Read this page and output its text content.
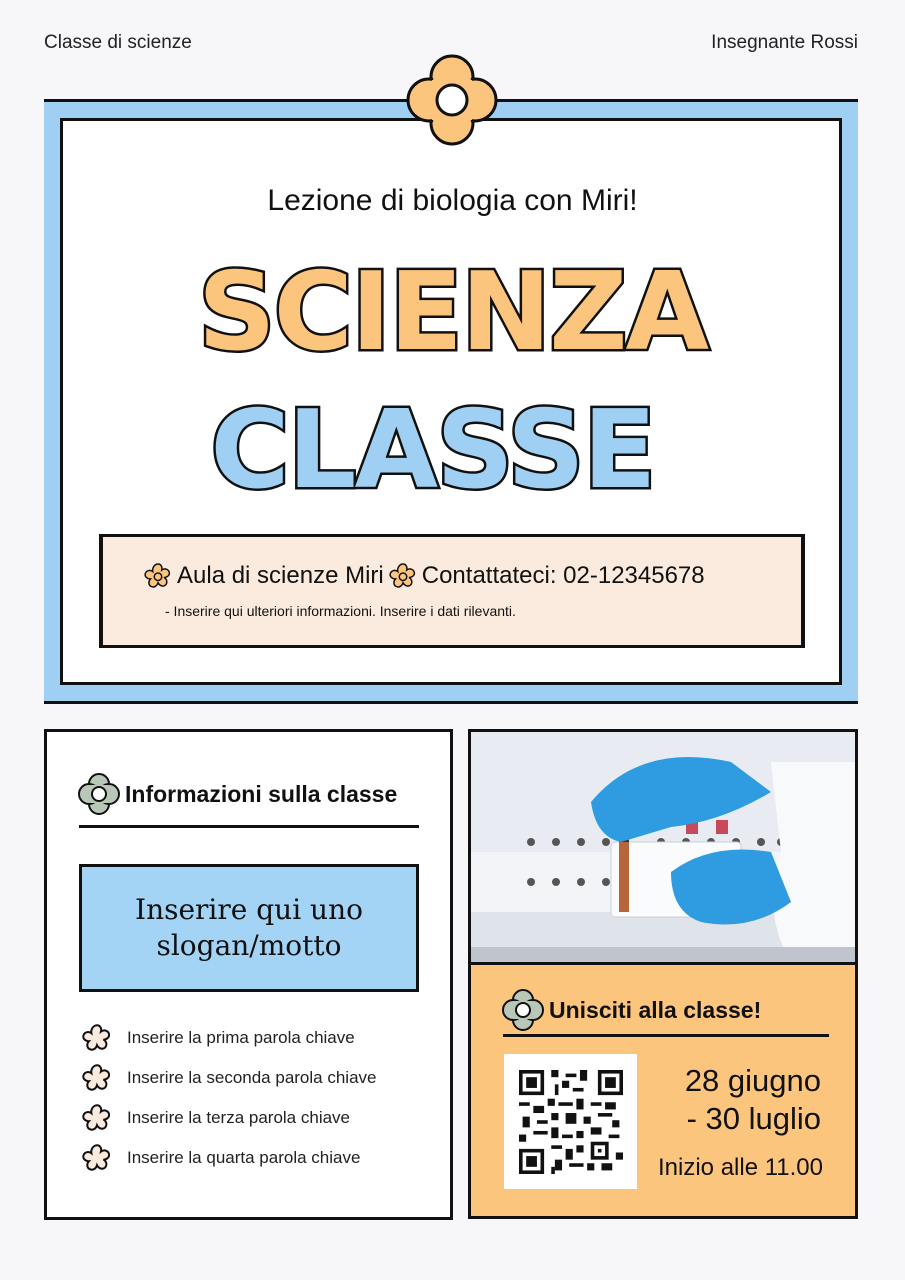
Classe di scienze	Insegnante Rossi
Lezione di biologia con Miri!
SCIENZA
CLASSE
Aula di scienze Miri Contattateci: 02-12345678
- Inserire qui ulteriori informazioni. Inserire i dati rilevanti.
Informazioni sulla classe
Inserire qui uno slogan/motto
Inserire la prima parola chiave
Inserire la seconda parola chiave
Inserire la terza parola chiave
Inserire la quarta parola chiave
Unisciti alla classe!
28 giugno
- 30 luglio
Inizio alle 11.00
